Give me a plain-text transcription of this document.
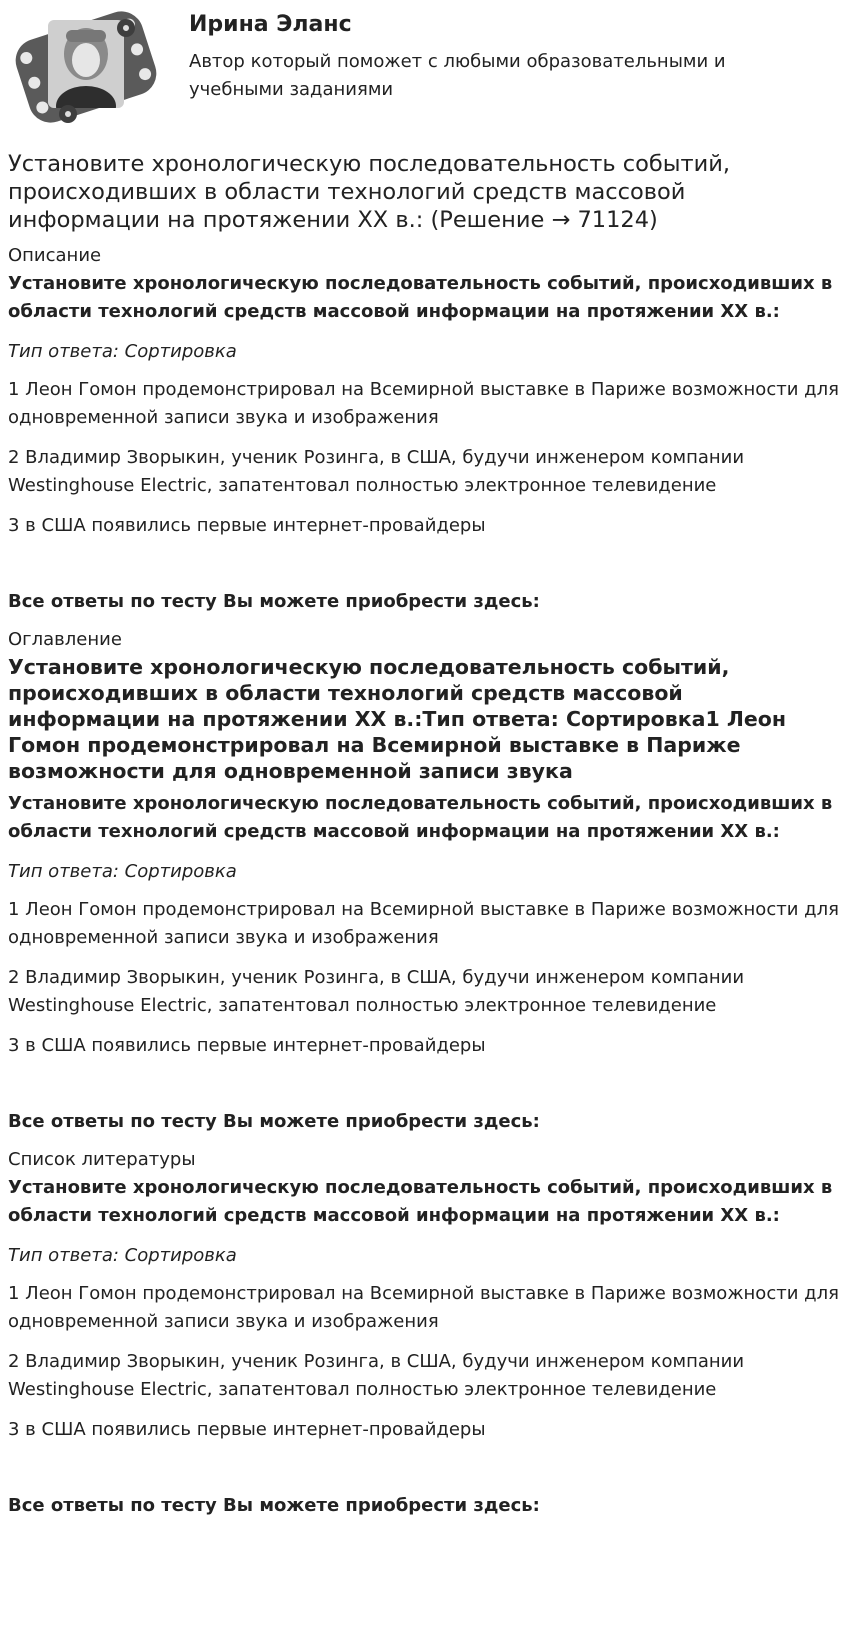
Ирина Эланс
Автор который поможет с любыми образовательными и учебными заданиями
Установите хронологическую последовательность событий, происходивших в области технологий средств массовой информации на протяжении XX в.: (Решение → 71124)
Описание
Установите хронологическую последовательность событий, происходивших в области технологий средств массовой информации на протяжении XX в.:
Тип ответа: Сортировка
1 Леон Гомон продемонстрировал на Всемирной выставке в Париже возможности для одновременной записи звука и изображения
2 Владимир Зворыкин, ученик Розинга, в США, будучи инженером компании Westinghouse Electric, запатентовал полностью электронное телевидение
3 в США появились первые интернет-провайдеры
Все ответы по тесту Вы можете приобрести здесь:
Оглавление
Установите хронологическую последовательность событий, происходивших в области технологий средств массовой информации на протяжении XX в.:Тип ответа: Сортировка1 Леон Гомон продемонстрировал на Всемирной выставке в Париже возможности для одновременной записи звука
Установите хронологическую последовательность событий, происходивших в области технологий средств массовой информации на протяжении XX в.:
Тип ответа: Сортировка
1 Леон Гомон продемонстрировал на Всемирной выставке в Париже возможности для одновременной записи звука и изображения
2 Владимир Зворыкин, ученик Розинга, в США, будучи инженером компании Westinghouse Electric, запатентовал полностью электронное телевидение
3 в США появились первые интернет-провайдеры
Все ответы по тесту Вы можете приобрести здесь:
Список литературы
Установите хронологическую последовательность событий, происходивших в области технологий средств массовой информации на протяжении XX в.:
Тип ответа: Сортировка
1 Леон Гомон продемонстрировал на Всемирной выставке в Париже возможности для одновременной записи звука и изображения
2 Владимир Зворыкин, ученик Розинга, в США, будучи инженером компании Westinghouse Electric, запатентовал полностью электронное телевидение
3 в США появились первые интернет-провайдеры
Все ответы по тесту Вы можете приобрести здесь:
